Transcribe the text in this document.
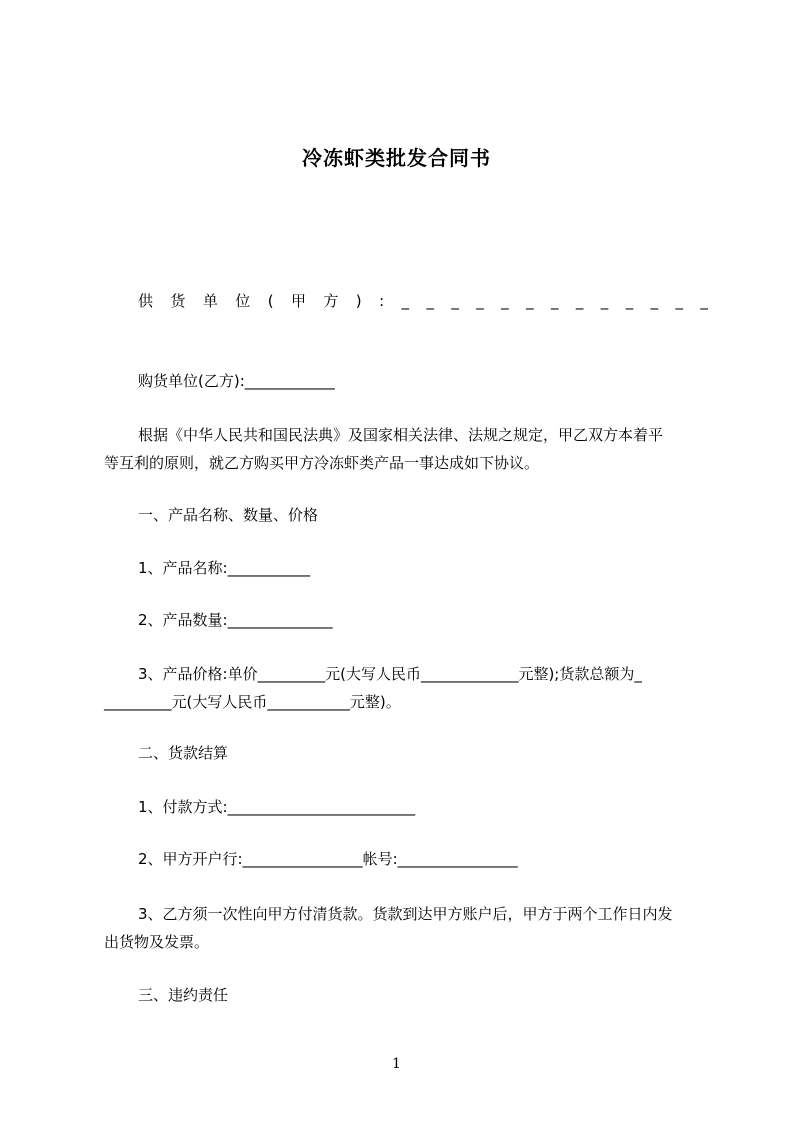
冷冻虾类批发合同书
供 货 单 位 ( 甲 方 ) : _ _ _ _ _ _ _ _ _ _ _ _ _
购货单位(乙方):____________
根据《中华人民共和国民法典》及国家相关法律、法规之规定，甲乙双方本着平
等互利的原则，就乙方购买甲方冷冻虾类产品一事达成如下协议。
一、产品名称、数量、价格
1、产品名称:___________
2、产品数量:______________
3、产品价格:单价_________元(大写人民币_____________元整);货款总额为_
_________元(大写人民币___________元整)。
二、货款结算
1、付款方式:_________________________
2、甲方开户行:________________帐号:________________
3、乙方须一次性向甲方付清货款。货款到达甲方账户后，甲方于两个工作日内发
出货物及发票。
三、违约责任
1
